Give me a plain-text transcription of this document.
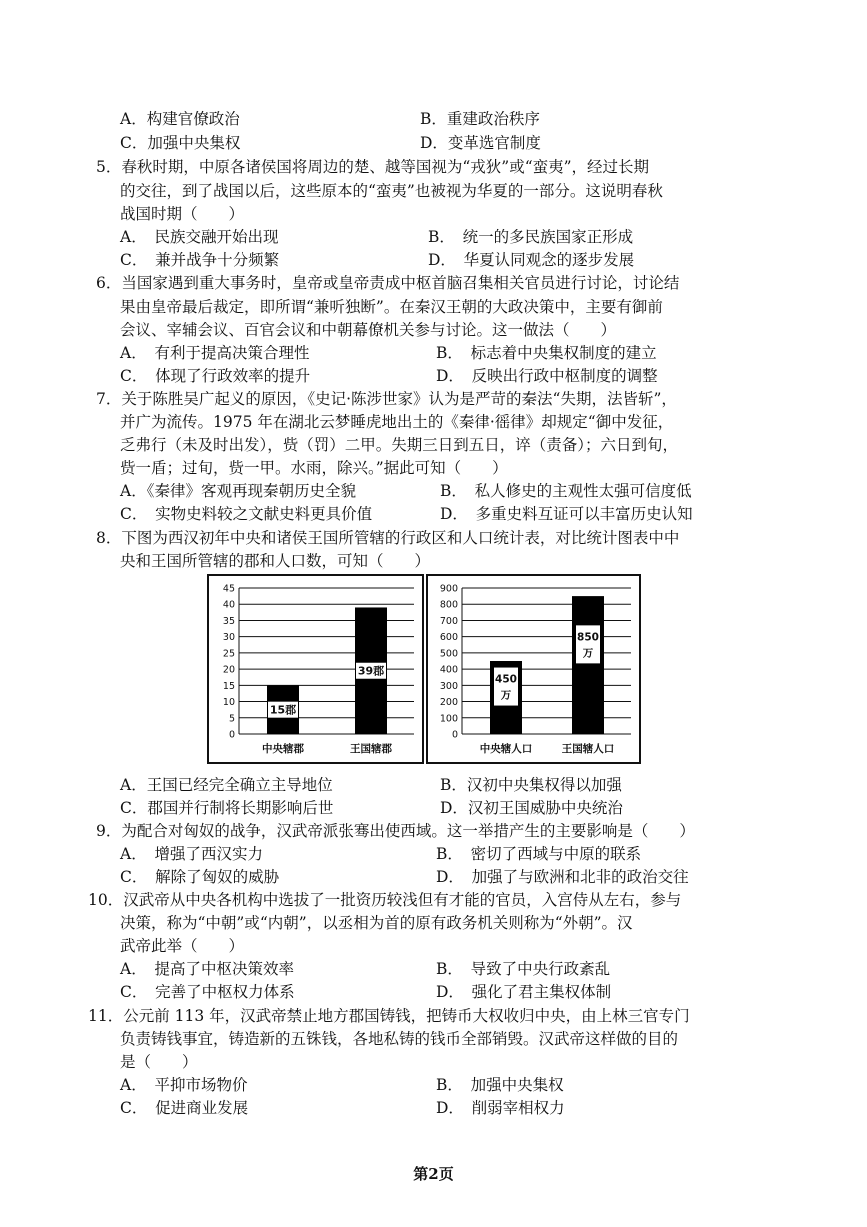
A．构建官僚政治	B．重建政治秩序
C．加强中央集权	D．变革选官制度
5．春秋时期，中原各诸侯国将周边的楚、越等国视为“戎狄”或“蛮夷”，经过长期
的交往，到了战国以后，这些原本的“蛮夷”也被视为华夏的一部分。这说明春秋
战国时期（　　）
A．　民族交融开始出现	B．　统一的多民族国家正形成
C．　兼并战争十分频繁	D．　华夏认同观念的逐步发展
6．当国家遇到重大事务时，皇帝或皇帝责成中枢首脑召集相关官员进行讨论，讨论结
果由皇帝最后裁定，即所谓“兼听独断”。在秦汉王朝的大政决策中，主要有御前
会议、宰辅会议、百官会议和中朝幕僚机关参与讨论。这一做法（　　）
A．　有利于提高决策合理性	B．　标志着中央集权制度的建立
C．　体现了行政效率的提升	D．　反映出行政中枢制度的调整
7．关于陈胜吴广起义的原因，《史记·陈涉世家》认为是严苛的秦法“失期，法皆斩”，
并广为流传。1975 年在湖北云梦睡虎地出土的《秦律·徭律》却规定“御中发征，
乏弗行（未及时出发），赀（罚）二甲。失期三日到五日，谇（责备）；六日到旬，
赀一盾；过旬，赀一甲。水雨，除兴。”据此可知（　　）
A．《秦律》客观再现秦朝历史全貌	B．　私人修史的主观性太强可信度低
C．　实物史料较之文献史料更具价值	D．　多重史料互证可以丰富历史认知
8．下图为西汉初年中央和诸侯王国所管辖的行政区和人口统计表，对比统计图表中中
央和王国所管辖的郡和人口数，可知（　　）
0
5
10
15
20
25
30
35
40
45
15郡
中央辖郡
39郡
王国辖郡
0
100
200
300
400
500
600
700
800
900
450
万
中央辖人口
850
万
王国辖人口
A．王国已经完全确立主导地位	B．汉初中央集权得以加强
C．郡国并行制将长期影响后世	D．汉初王国威胁中央统治
9．为配合对匈奴的战争，汉武帝派张骞出使西域。这一举措产生的主要影响是（　　）
A．　增强了西汉实力	B．　密切了西域与中原的联系
C．　解除了匈奴的威胁	D．　加强了与欧洲和北非的政治交往
10．汉武帝从中央各机构中选拔了一批资历较浅但有才能的官员，入宫侍从左右，参与
决策，称为“中朝”或“内朝”，以丞相为首的原有政务机关则称为“外朝”。汉
武帝此举（　　）
A．　提高了中枢决策效率	B．　导致了中央行政紊乱
C．　完善了中枢权力体系	D．　强化了君主集权体制
11．公元前 113 年，汉武帝禁止地方郡国铸钱，把铸币大权收归中央，由上林三官专门
负责铸钱事宜，铸造新的五铢钱，各地私铸的钱币全部销毁。汉武帝这样做的目的
是（　　）
A．　平抑市场物价	B．　加强中央集权
C．　促进商业发展	D．　削弱宰相权力
第2页
